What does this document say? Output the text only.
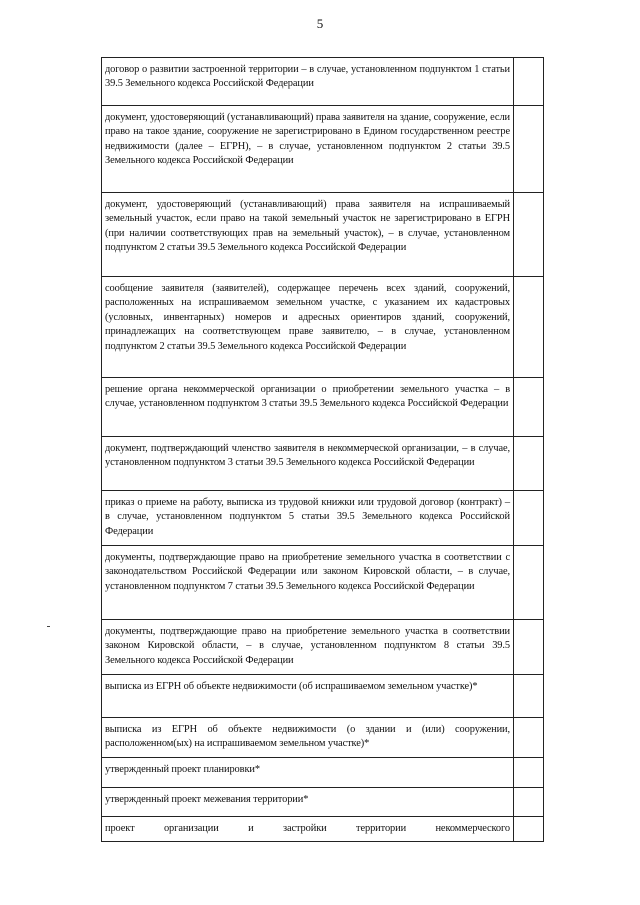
5
договор о развитии застроенной территории – в случае, установленном подпунктом 1 статьи 39.5 Земельного кодекса Российской Федерации	
документ, удостоверяющий (устанавливающий) права заявителя на здание, сооружение, если право на такое здание, сооружение не зарегистрировано в Едином государственном реестре недвижимости (далее – ЕГРН), – в случае, установленном подпунктом 2 статьи 39.5 Земельного кодекса Российской Федерации	
документ, удостоверяющий (устанавливающий) права заявителя на испрашиваемый земельный участок, если право на такой земельный участок не зарегистрировано в ЕГРН (при наличии соответствующих прав на земельный участок), – в случае, установленном подпунктом 2 статьи 39.5 Земельного кодекса Российской Федерации	
сообщение заявителя (заявителей), содержащее перечень всех зданий, сооружений, расположенных на испрашиваемом земельном участке, с указанием их кадастровых (условных, инвентарных) номеров и адресных ориентиров зданий, сооружений, принадлежащих на соответствующем праве заявителю, – в случае, установленном подпунктом 2 статьи 39.5 Земельного кодекса Российской Федерации	
решение органа некоммерческой организации о приобретении земельного участка – в случае, установленном подпунктом 3 статьи 39.5 Земельного кодекса Российской Федерации	
документ, подтверждающий членство заявителя в некоммерческой организации, – в случае, установленном подпунктом 3 статьи 39.5 Земельного кодекса Российской Федерации	
приказ о приеме на работу, выписка из трудовой книжки или трудовой договор (контракт) – в случае, установленном подпунктом 5 статьи 39.5 Земельного кодекса Российской Федерации	
документы, подтверждающие право на приобретение земельного участка в соответствии с законодательством Российской Федерации или законом Кировской области, – в случае, установленном подпунктом 7 статьи 39.5 Земельного кодекса Российской Федерации	
документы, подтверждающие право на приобретение земельного участка в соответствии законом Кировской области, – в случае, установленном подпунктом 8 статьи 39.5 Земельного кодекса Российской Федерации	
выписка из ЕГРН об объекте недвижимости (об испрашиваемом земельном участке)*	
выписка из ЕГРН об объекте недвижимости (о здании и (или) сооружении, расположенном(ых) на испрашиваемом земельном участке)*	
утвержденный проект планировки*	
утвержденный проект межевания территории*	
проект организации и застройки территории некоммерческого	
